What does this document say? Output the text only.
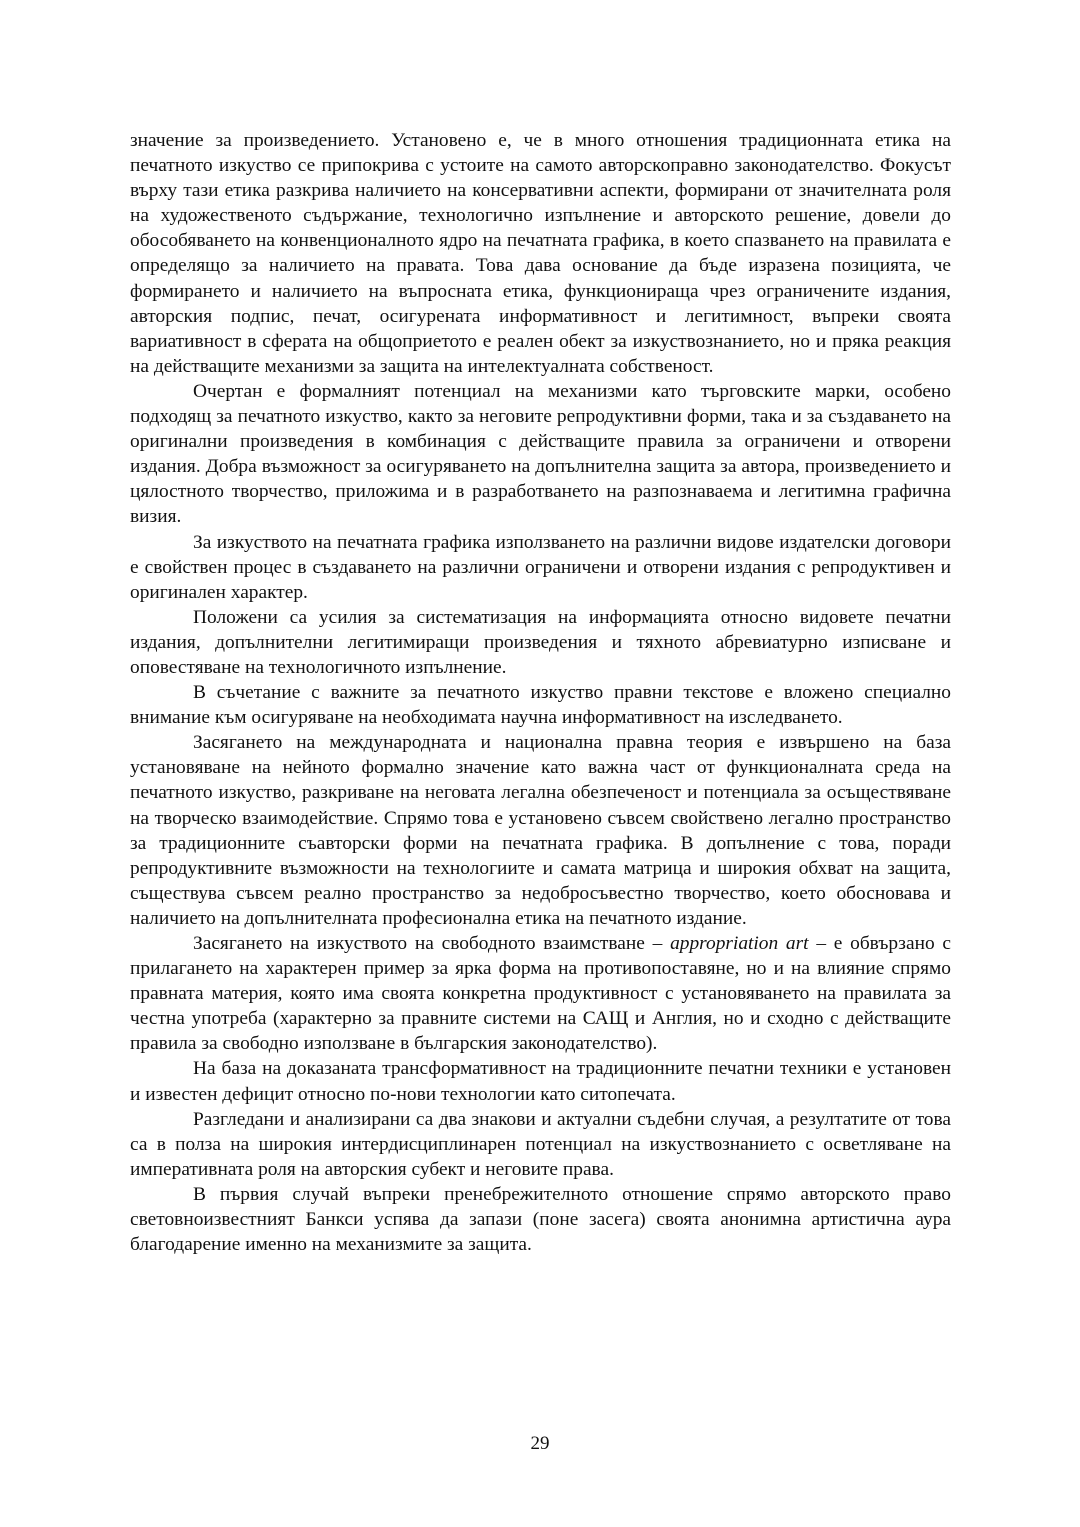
значение за произведението. Установено е, че в много отношения традиционната етика на печатното изкуство се припокрива с устоите на самото авторскоправно законодателство. Фокусът върху тази етика разкрива наличието на консервативни аспекти, формирани от значителната роля на художественото съдържание, технологично изпълнение и авторското решение, довели до обособяването на конвенционалното ядро на печатната графика, в което спазването на правилата е определящо за наличието на правата. Това дава основание да бъде изразена позицията, че формирането и наличието на въпросната етика, функционираща чрез ограничените издания, авторския подпис, печат, осигурената информативност и легитимност, въпреки своята вариативност в сферата на общоприетото е реален обект за изкуствознанието, но и пряка реакция на действащите механизми за защита на интелектуалната собственост.

Очертан е формалният потенциал на механизми като търговските марки, особено подходящ за печатното изкуство, както за неговите репродуктивни форми, така и за създаването на оригинални произведения в комбинация с действащите правила за ограничени и отворени издания. Добра възможност за осигуряването на допълнителна защита за автора, произведението и цялостното творчество, приложима и в разработването на разпознаваема и легитимна графична визия.

За изкуството на печатната графика използването на различни видове издателски договори е свойствен процес в създаването на различни ограничени и отворени издания с репродуктивен и оригинален характер.

Положени са усилия за систематизация на информацията относно видовете печатни издания, допълнителни легитимиращи произведения и тяхното абревиатурно изписване и оповестяване на технологичното изпълнение.

В съчетание с важните за печатното изкуство правни текстове е вложено специално внимание към осигуряване на необходимата научна информативност на изследването.

Засягането на международната и национална правна теория е извършено на база установяване на нейното формално значение като важна част от функционалната среда на печатното изкуство, разкриване на неговата легална обезпеченост и потенциала за осъществяване на творческо взаимодействие. Спрямо това е установено съвсем свойствено легално пространство за традиционните съавторски форми на печатната графика. В допълнение с това, поради репродуктивните възможности на технологиите и самата матрица и широкия обхват на защита, съществува съвсем реално пространство за недобросъвестно творчество, което обосновава и наличието на допълнителната професионална етика на печатното издание.

Засягането на изкуството на свободното взаимстване – appropriation art – е обвързано с прилагането на характерен пример за ярка форма на противопоставяне, но и на влияние спрямо правната материя, която има своята конкретна продуктивност с установяването на правилата за честна употреба (характерно за правните системи на САЩ и Англия, но и сходно с действащите правила за свободно използване в българския законодателство).

На база на доказаната трансформативност на традиционните печатни техники е установен и известен дефицит относно по-нови технологии като ситопечата.

Разгледани и анализирани са два знакови и актуални съдебни случая, а резултатите от това са в полза на широкия интердисциплинарен потенциал на изкуствознанието с осветляване на императивната роля на авторския субект и неговите права.

В първия случай въпреки пренебрежителното отношение спрямо авторското право световноизвестният Банкси успява да запази (поне засега) своята анонимна артистична аура благодарение именно на механизмите за защита.

29
